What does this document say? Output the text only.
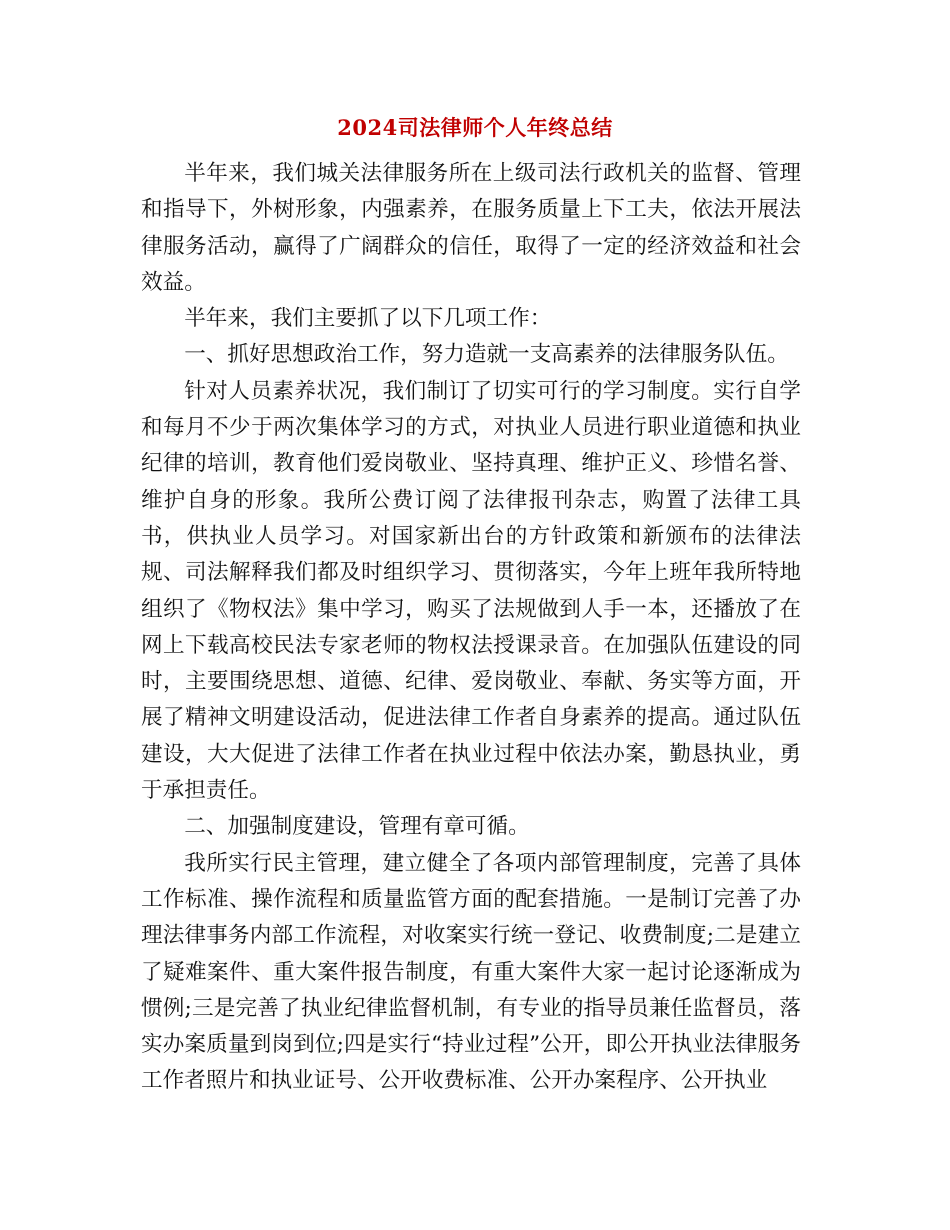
2024司法律师个人年终总结

半年来，我们城关法律服务所在上级司法行政机关的监督、管理和指导下，外树形象，内强素养，在服务质量上下工夫，依法开展法律服务活动，赢得了广阔群众的信任，取得了一定的经济效益和社会效益。

半年来，我们主要抓了以下几项工作：

一、抓好思想政治工作，努力造就一支高素养的法律服务队伍。

针对人员素养状况，我们制订了切实可行的学习制度。实行自学和每月不少于两次集体学习的方式，对执业人员进行职业道德和执业纪律的培训，教育他们爱岗敬业、坚持真理、维护正义、珍惜名誉、维护自身的形象。我所公费订阅了法律报刊杂志，购置了法律工具书，供执业人员学习。对国家新出台的方针政策和新颁布的法律法规、司法解释我们都及时组织学习、贯彻落实，今年上班年我所特地组织了《物权法》集中学习，购买了法规做到人手一本，还播放了在网上下载高校民法专家老师的物权法授课录音。在加强队伍建设的同时，主要围绕思想、道德、纪律、爱岗敬业、奉献、务实等方面，开展了精神文明建设活动，促进法律工作者自身素养的提高。通过队伍建设，大大促进了法律工作者在执业过程中依法办案，勤恳执业，勇于承担责任。

二、加强制度建设，管理有章可循。

我所实行民主管理，建立健全了各项内部管理制度，完善了具体工作标准、操作流程和质量监管方面的配套措施。一是制订完善了办理法律事务内部工作流程，对收案实行统一登记、收费制度;二是建立了疑难案件、重大案件报告制度，有重大案件大家一起讨论逐渐成为惯例;三是完善了执业纪律监督机制，有专业的指导员兼任监督员，落实办案质量到岗到位;四是实行“持业过程”公开，即公开执业法律服务工作者照片和执业证号、公开收费标准、公开办案程序、公开执业
